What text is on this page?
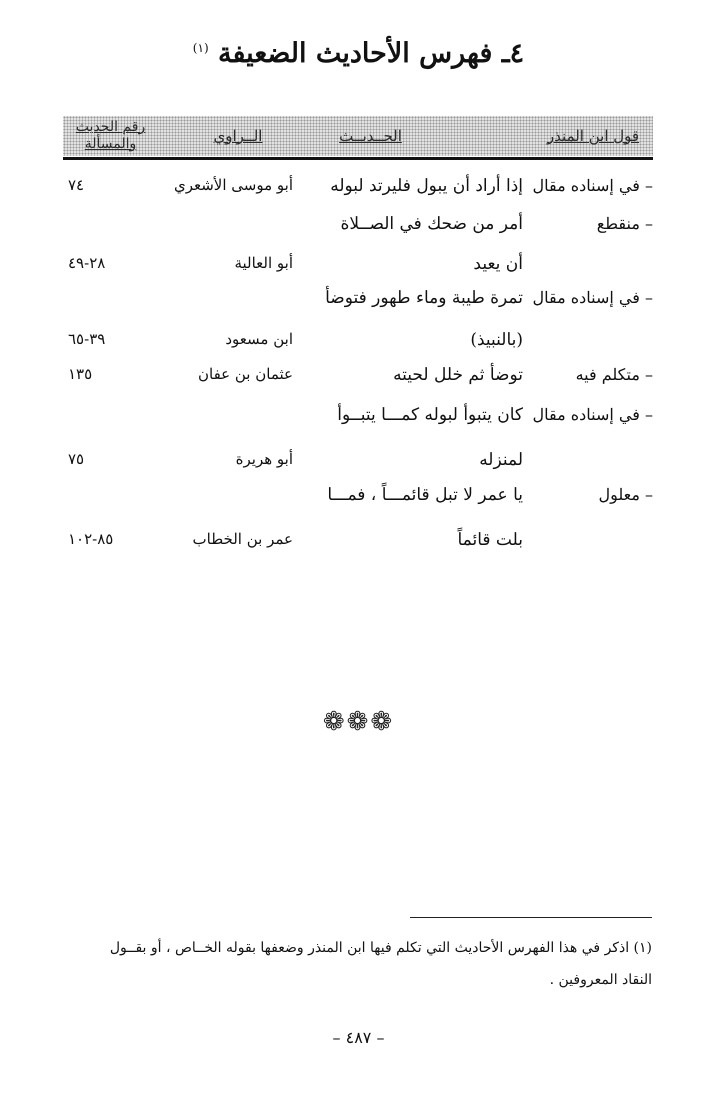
٤ـ فهرس الأحاديث الضعيفة $^{(١)}$
قول ابن المنذر
الحــديــث
الــراوي
رقم الحديث
والمسألة
– في إسناده مقال
إذا أراد أن يبول فليرتد لبوله
أبو موسى الأشعري
٧٤
– منقطع
أمر من ضحك في الصــلاة
أن يعيد
أبو العالية
٢٨-٤٩
– في إسناده مقال
تمرة طيبة وماء طهور فتوضأ
(بالنبيذ)
ابن مسعود
٣٩-٦٥
– متكلم فيه
توضأ ثم خلل لحيته
عثمان بن عفان
١٣٥
– في إسناده مقال
كان يتبوأ لبوله كمـــا يتبــوأ
لمنزله
أبو هريرة
٧٥
– معلول
يا عمر لا تبل قائمـــاً ، فمـــا
بلت قائماً
عمر بن الخطاب
٨٥-١٠٢
❁❁❁
(١) اذكر في هذا الفهرس الأحاديث التي تكلم فيها ابن المنذر وضعفها بقوله الخــاص ، أو بقــول النقاد المعروفين .
– ٤٨٧ –
